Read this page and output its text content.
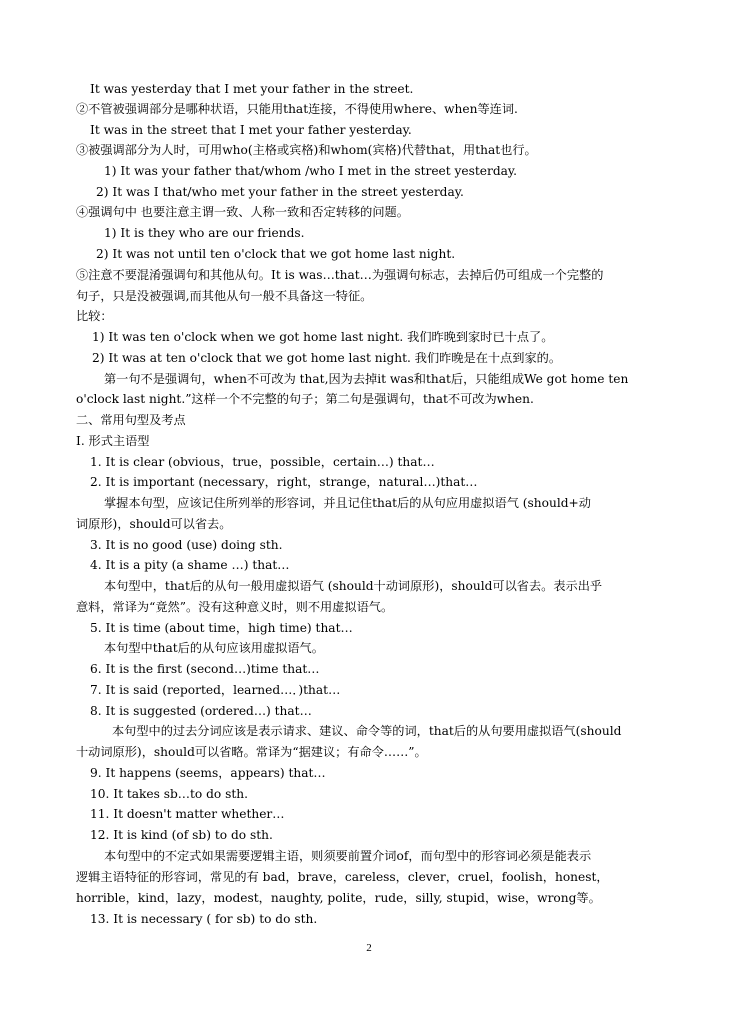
It was yesterday that I met your father in the street.
②不管被强调部分是哪种状语，只能用that连接，不得使用where、when等连词.
It was in the street that I met your father yesterday.
③被强调部分为人时，可用who(主格或宾格)和whom(宾格)代替that，用that也行。
1) It was your father that/whom /who I met in the street yesterday.
2) It was I that/who met your father in the street yesterday.
④强调句中 也要注意主谓一致、人称一致和否定转移的问题。
1) It is they who are our friends.
2) It was not until ten o'clock that we got home last night.
⑤注意不要混淆强调句和其他从句。It is was…that…为强调句标志，去掉后仍可组成一个完整的
句子，只是没被强调,而其他从句一般不具备这一特征。
比较：
1) It was ten o'clock when we got home last night. 我们昨晚到家时已十点了。
2) It was at ten o'clock that we got home last night. 我们昨晚是在十点到家的。
第一句不是强调句，when不可改为 that,因为去掉it was和that后，只能组成We got home ten
o'clock last night.”这样一个不完整的句子；第二句是强调句，that不可改为when.
二、常用句型及考点
I. 形式主语型
1. It is clear (obvious，true，possible，certain…) that…
2. It is important (necessary，right，strange，natural…)that…
掌握本句型，应该记住所列举的形容词，并且记住that后的从句应用虚拟语气 (should+动
词原形)，should可以省去。
3. It is no good (use) doing sth.
4. It is a pity (a shame …) that…
本句型中，that后的从句一般用虚拟语气 (should十动词原形)，should可以省去。表示出乎
意料，常译为“竟然”。没有这种意义时，则不用虚拟语气。
5. It is time (about time，high time) that…
本句型中that后的从句应该用虚拟语气。
6. It is the first (second…)time that…
7. It is said (reported，learned…．)that…
8. It is suggested (ordered…) that…
本句型中的过去分词应该是表示请求、建议、命令等的词，that后的从句要用虚拟语气(should
十动词原形)，should可以省略。常译为“据建议；有命令……”。
9. It happens (seems，appears) that…
10. It takes sb…to do sth.
11. It doesn't matter whether…
12. It is kind (of sb) to do sth.
本句型中的不定式如果需要逻辑主语，则须要前置介词of，而句型中的形容词必须是能表示
逻辑主语特征的形容词，常见的有 bad，brave，careless，clever，cruel，foolish，honest，
horrible，kind，lazy，modest，naughty, polite，rude，silly, stupid，wise，wrong等。
13. It is necessary ( for sb) to do sth.
2
